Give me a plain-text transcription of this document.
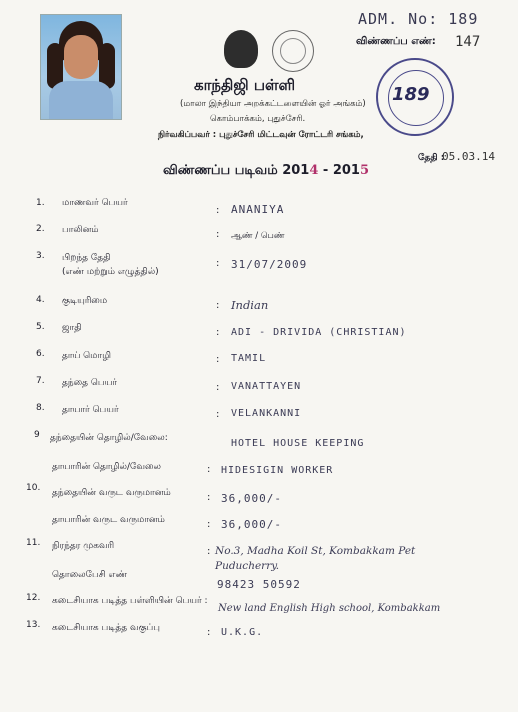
ADM. No: 189
விண்ணப்ப எண்: 147
189
காந்திஜி பள்ளி
(மாலா இந்தியா அறக்கட்டளையின் ஓர் அங்கம்)
கொம்பாக்கம், புதுச்சேரி.
நிர்வகிப்பவர் : புதுச்சேரி மிட்டவுன் ரோட்டரி சங்கம்,
தேதி :
05.03.14
விண்ணப்ப படிவம் 2014 - 2015
1. மாணவர் பெயர்
: ANANIYA
2. பாலினம்	: ஆண் / பெண்
3. பிறந்த தேதி
(எண் மற்றும் எழுத்தில்)
: 31/07/2009
4. குடியுரிமை	: Indian
5. ஜாதி	: ADI - DRIVIDA (CHRISTIAN)
6. தாய் மொழி	: TAMIL
7. தந்தை பெயர்	: VANATTAYEN
8. தாயார் பெயர்	: VELANKANNI
9 தந்தையின் தொழில்/வேலை:	HOTEL HOUSE KEEPING
தாயாரின் தொழில்/வேலை	: HIDESIGIN WORKER
10. தந்தையின் வருட வருமானம்	: 36,000/-
தாயாரின் வருட வருமானம்	: 36,000/-
11. நிரந்தர முகவரி	: No.3, Madha Koil St, Kombakkam Pet
Puducherry.
தொலைபேசி எண்
98423 50592
12. கடைசியாக படித்த பள்ளியின் பெயர் :
New land English High school, Kombakkam
13. கடைசியாக படித்த வகுப்பு	: U.K.G.
